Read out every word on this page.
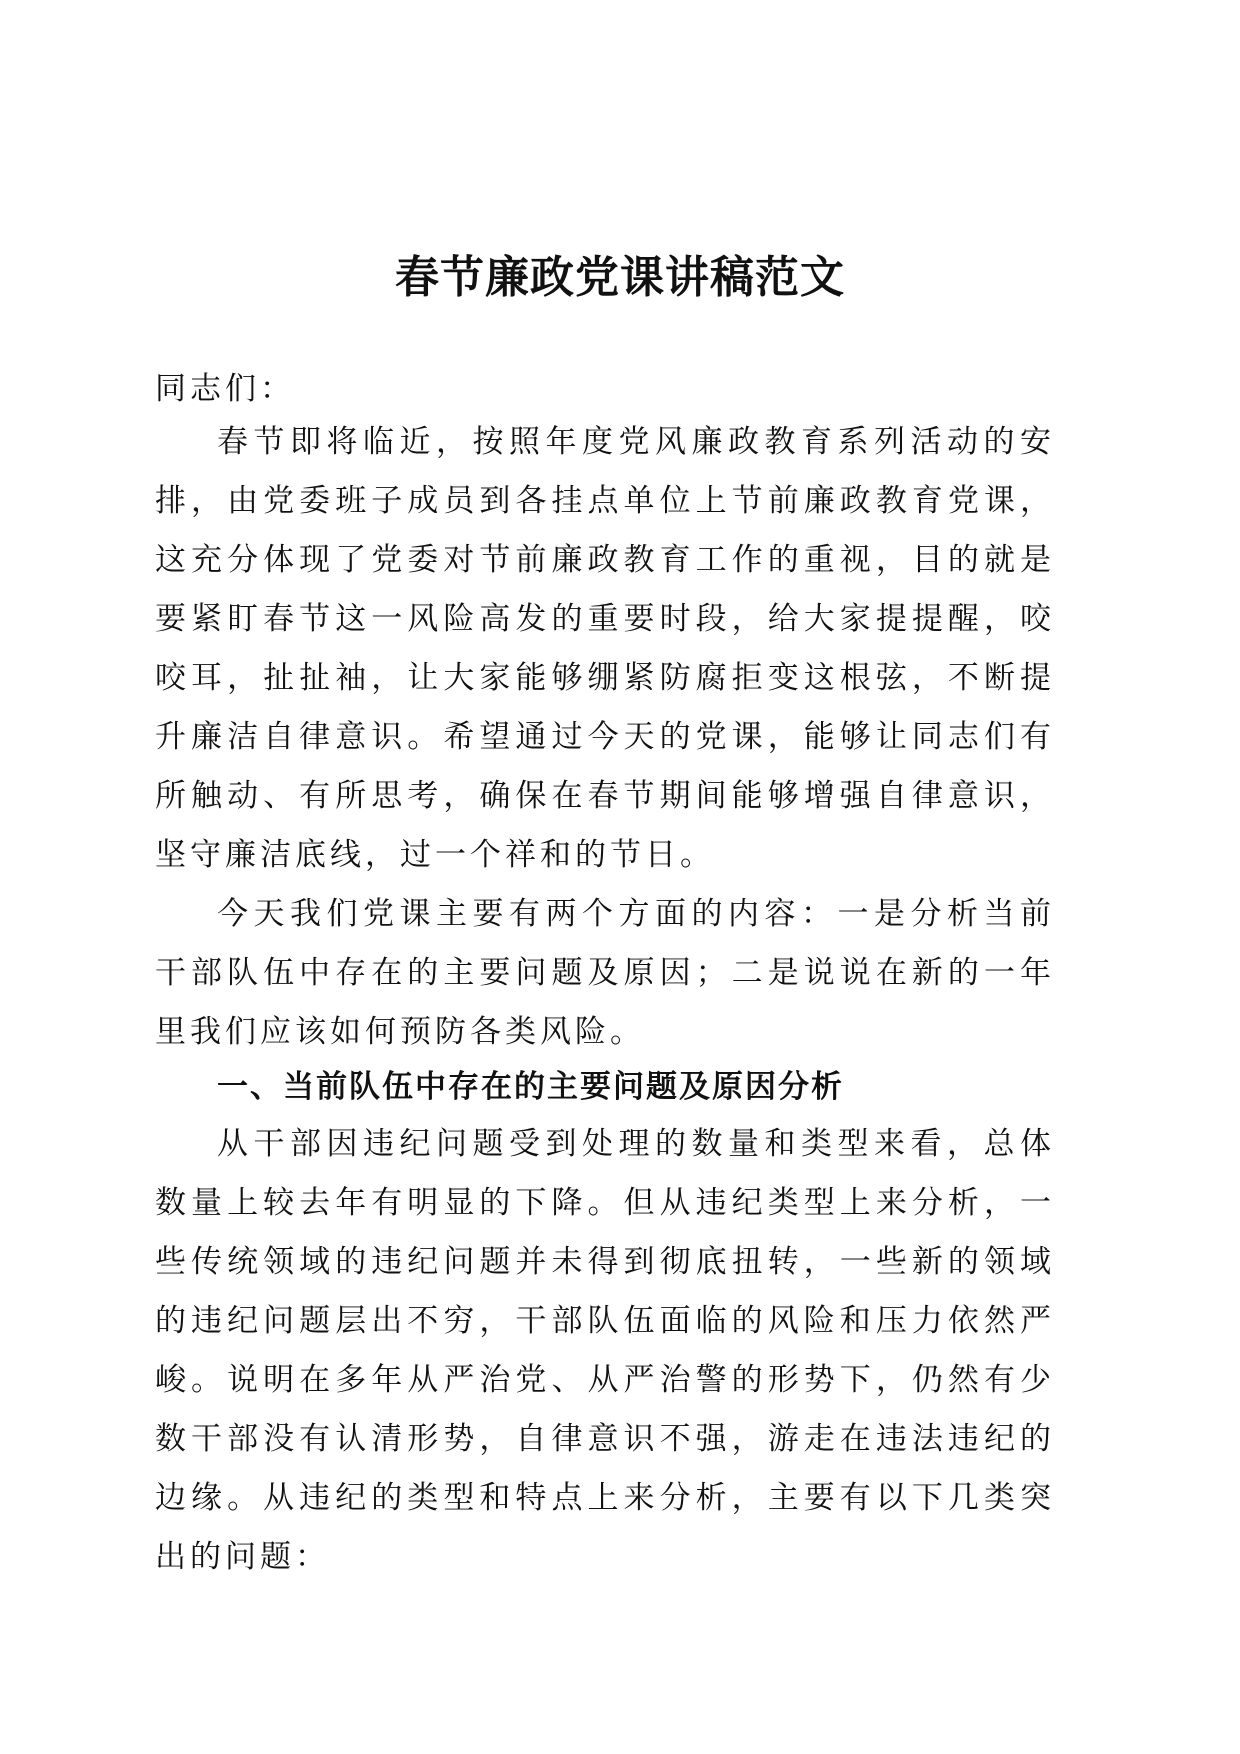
春节廉政党课讲稿范文
同志们：

春节即将临近，按照年度党风廉政教育系列活动的安排，由党委班子成员到各挂点单位上节前廉政教育党课，这充分体现了党委对节前廉政教育工作的重视，目的就是要紧盯春节这一风险高发的重要时段，给大家提提醒，咬咬耳，扯扯袖，让大家能够绷紧防腐拒变这根弦，不断提升廉洁自律意识。希望通过今天的党课，能够让同志们有所触动、有所思考，确保在春节期间能够增强自律意识，坚守廉洁底线，过一个祥和的节日。

今天我们党课主要有两个方面的内容：一是分析当前干部队伍中存在的主要问题及原因；二是说说在新的一年里我们应该如何预防各类风险。

一、当前队伍中存在的主要问题及原因分析

从干部因违纪问题受到处理的数量和类型来看，总体数量上较去年有明显的下降。但从违纪类型上来分析，一些传统领域的违纪问题并未得到彻底扭转，一些新的领域的违纪问题层出不穷，干部队伍面临的风险和压力依然严峻。说明在多年从严治党、从严治警的形势下，仍然有少数干部没有认清形势，自律意识不强，游走在违法违纪的边缘。从违纪的类型和特点上来分析，主要有以下几类突出的问题：
